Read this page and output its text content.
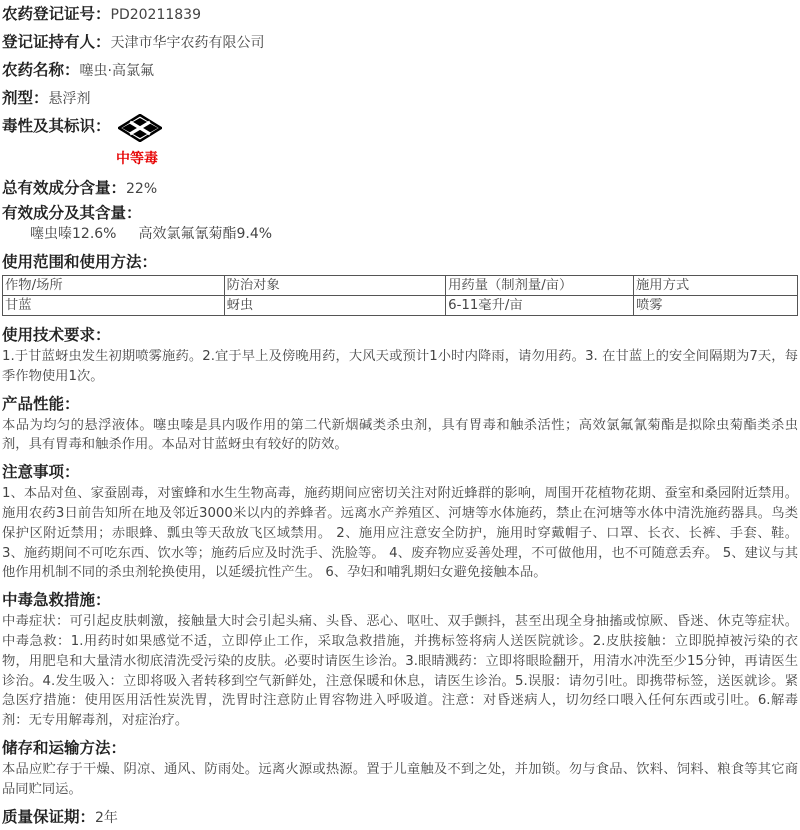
农药登记证号：PD20211839
登记证持有人：天津市华宇农药有限公司
农药名称：噻虫·高氯氟
剂型：悬浮剂
毒性及其标识：
中等毒
总有效成分含量：22%
有效成分及其含量：
噻虫嗪12.6% 高效氯氟氰菊酯9.4%
使用范围和使用方法：
作物/场所	防治对象	用药量（制剂量/亩）	施用方式
甘蓝	蚜虫	6-11毫升/亩	喷雾
使用技术要求：

1.于甘蓝蚜虫发生初期喷雾施药。2.宜于早上及傍晚用药，大风天或预计1小时内降雨，请勿用药。3. 在甘蓝上的安全间隔期为7天，每季作物使用1次。

产品性能：

本品为均匀的悬浮液体。噻虫嗪是具内吸作用的第二代新烟碱类杀虫剂，具有胃毒和触杀活性；高效氯氟氰菊酯是拟除虫菊酯类杀虫剂，具有胃毒和触杀作用。本品对甘蓝蚜虫有较好的防效。

注意事项：

1、本品对鱼、家蚕剧毒，对蜜蜂和水生生物高毒，施药期间应密切关注对附近蜂群的影响，周围开花植物花期、蚕室和桑园附近禁用。施用农药3日前告知所在地及邻近3000米以内的养蜂者。远离水产养殖区、河塘等水体施药，禁止在河塘等水体中清洗施药器具。鸟类保护区附近禁用；赤眼蜂、瓢虫等天敌放飞区域禁用。 2、施用应注意安全防护，施用时穿戴帽子、口罩、长衣、长裤、手套、鞋。 3、施药期间不可吃东西、饮水等；施药后应及时洗手、洗脸等。 4、废弃物应妥善处理，不可做他用，也不可随意丢弃。 5、建议与其他作用机制不同的杀虫剂轮换使用，以延缓抗性产生。 6、孕妇和哺乳期妇女避免接触本品。

中毒急救措施：

中毒症状：可引起皮肤刺激，接触量大时会引起头痛、头昏、恶心、呕吐、双手颤抖，甚至出现全身抽搐或惊厥、昏迷、休克等症状。 中毒急救：1.用药时如果感觉不适，立即停止工作，采取急救措施，并携标签将病人送医院就诊。2.皮肤接触：立即脱掉被污染的衣物，用肥皂和大量清水彻底清洗受污染的皮肤。必要时请医生诊治。3.眼睛溅药：立即将眼睑翻开，用清水冲洗至少15分钟，再请医生诊治。4.发生吸入：立即将吸入者转移到空气新鲜处，注意保暖和休息，请医生诊治。5.误服：请勿引吐。即携带标签，送医就诊。紧急医疗措施：使用医用活性炭洗胃，洗胃时注意防止胃容物进入呼吸道。注意：对昏迷病人，切勿经口喂入任何东西或引吐。6.解毒剂：无专用解毒剂，对症治疗。

储存和运输方法：

本品应贮存于干燥、阴凉、通风、防雨处。远离火源或热源。置于儿童触及不到之处，并加锁。勿与食品、饮料、饲料、粮食等其它商品同贮同运。

质量保证期：2年
